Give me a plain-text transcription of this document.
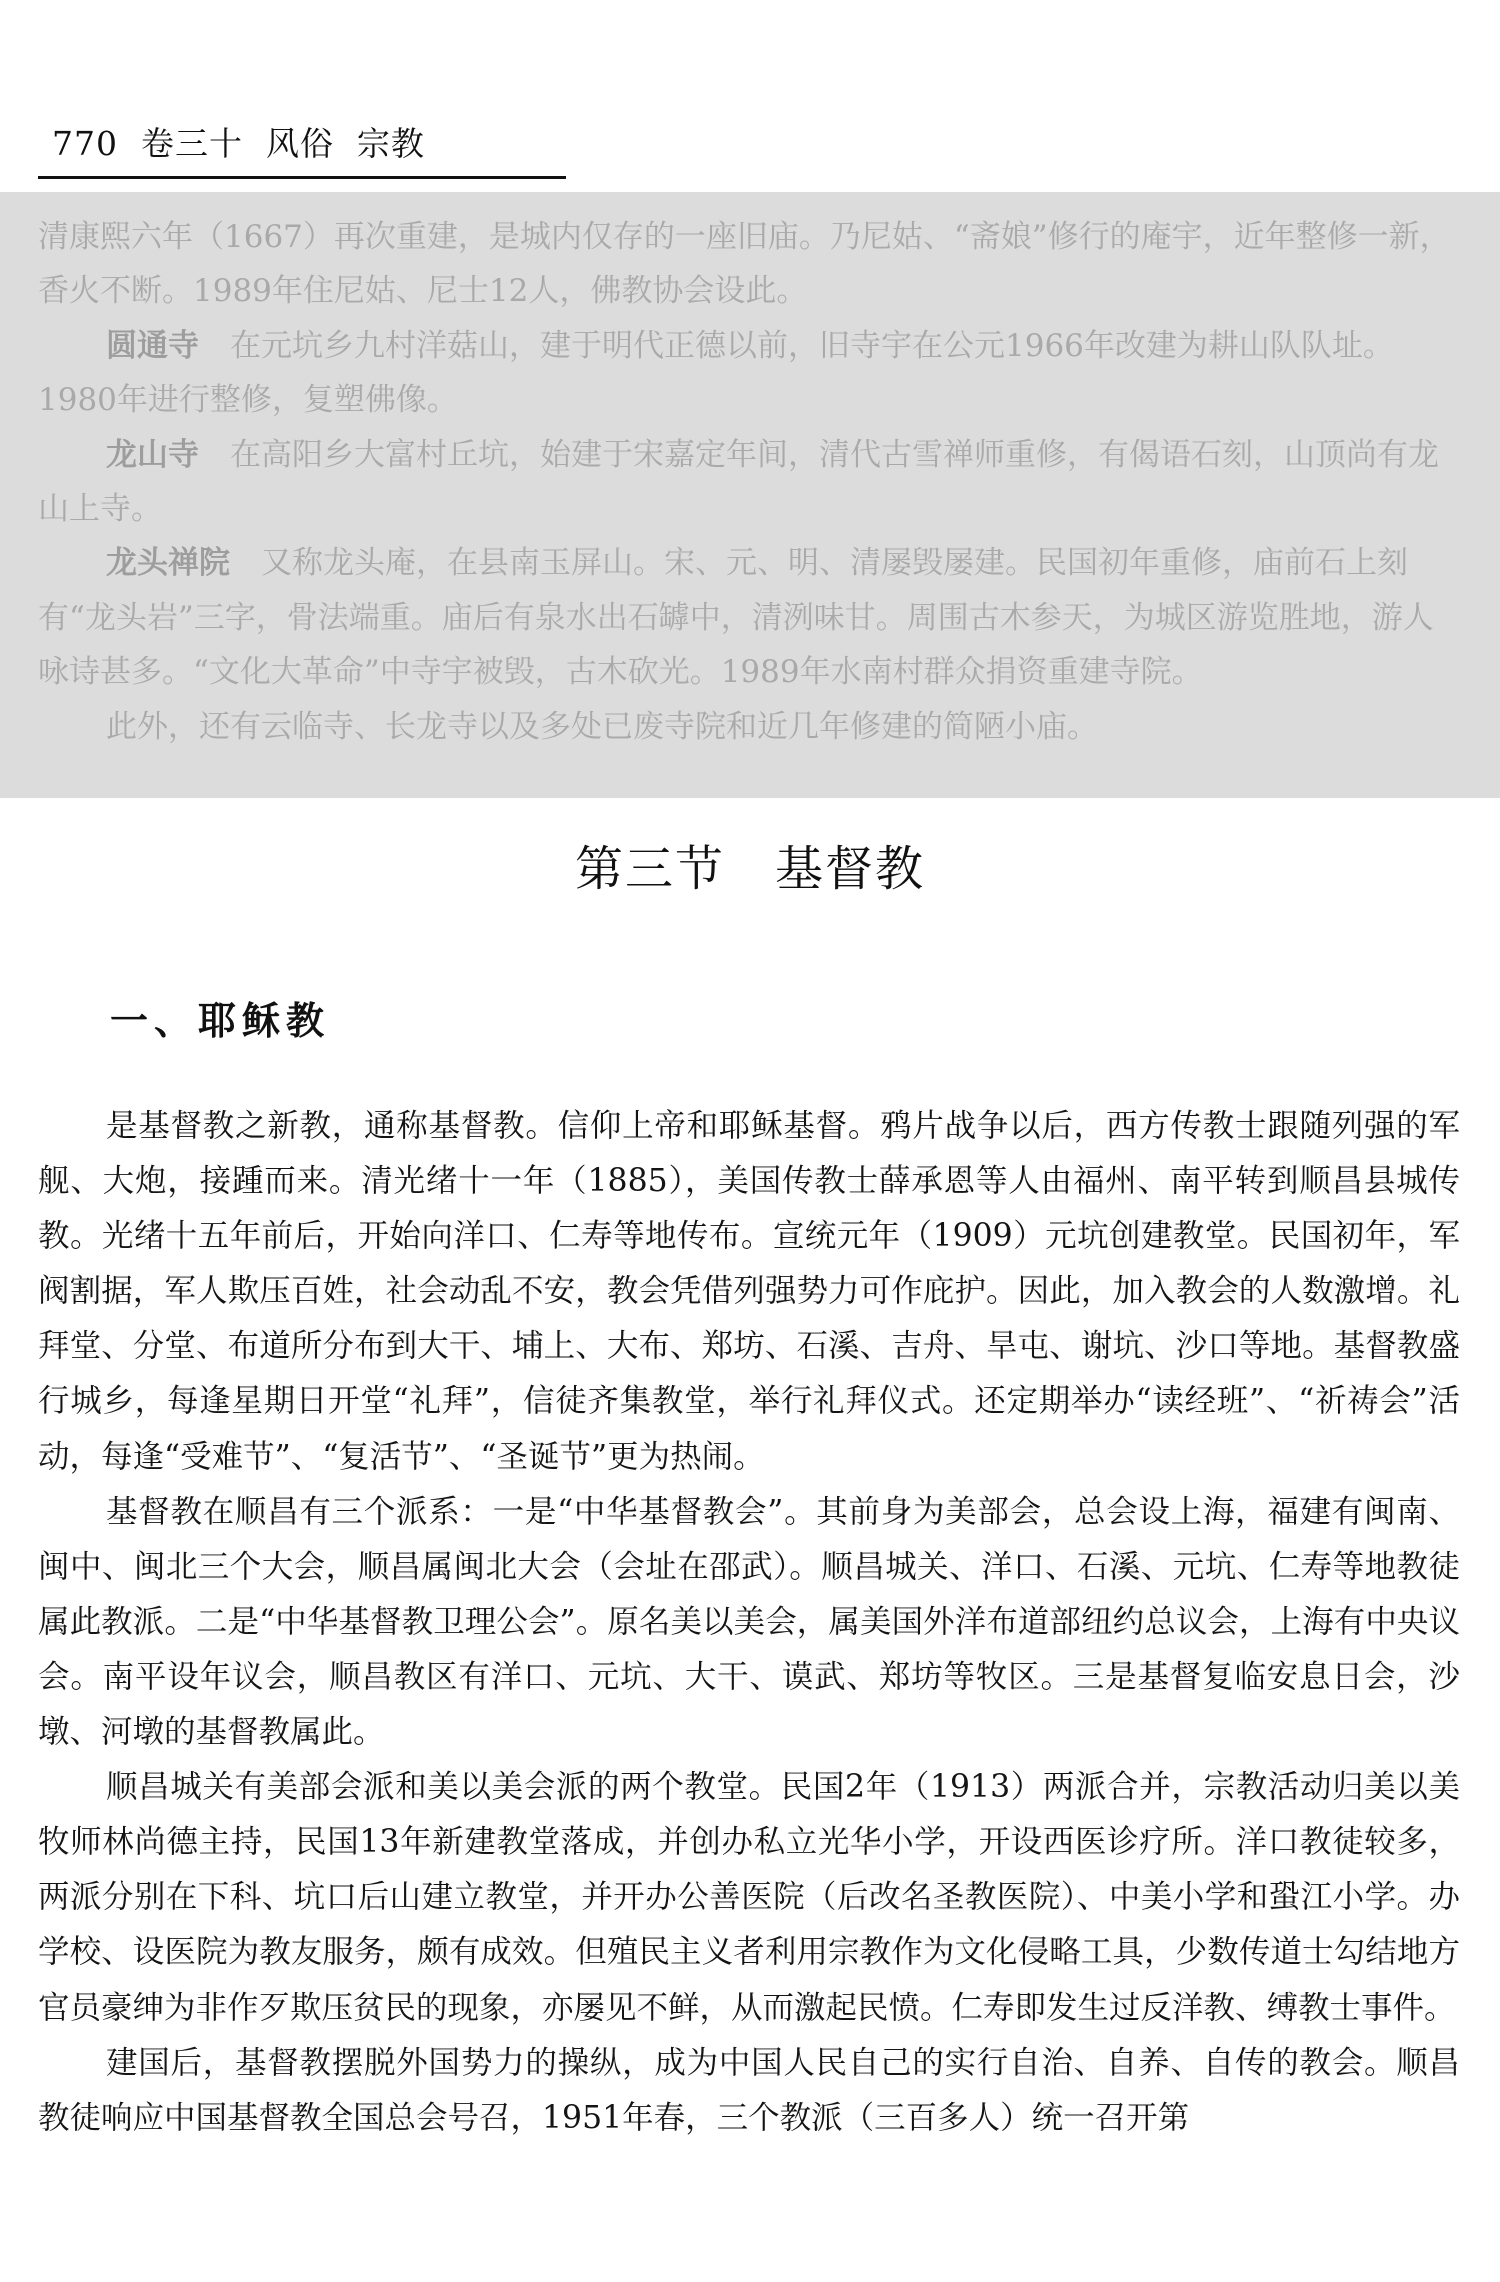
770  卷三十  风俗  宗教

清康熙六年（1667）再次重建，是城内仅存的一座旧庙。乃尼姑、“斋娘”修行的庵宇，近年整修一新，香火不断。1989年住尼姑、尼士12人，佛教协会设此。

圆通寺　在元坑乡九村洋菇山，建于明代正德以前，旧寺宇在公元1966年改建为耕山队队址。1980年进行整修，复塑佛像。

龙山寺　在高阳乡大富村丘坑，始建于宋嘉定年间，清代古雪禅师重修，有偈语石刻，山顶尚有龙山上寺。

龙头禅院　又称龙头庵，在县南玉屏山。宋、元、明、清屡毁屡建。民国初年重修，庙前石上刻有“龙头岩”三字，骨法端重。庙后有泉水出石罅中，清洌味甘。周围古木参天，为城区游览胜地，游人咏诗甚多。“文化大革命”中寺宇被毁，古木砍光。1989年水南村群众捐资重建寺院。

此外，还有云临寺、长龙寺以及多处已废寺院和近几年修建的简陋小庙。

第三节　基督教
一、耶稣教

是基督教之新教，通称基督教。信仰上帝和耶稣基督。鸦片战争以后，西方传教士跟随列强的军舰、大炮，接踵而来。清光绪十一年（1885），美国传教士薛承恩等人由福州、南平转到顺昌县城传教。光绪十五年前后，开始向洋口、仁寿等地传布。宣统元年（1909）元坑创建教堂。民国初年，军阀割据，军人欺压百姓，社会动乱不安，教会凭借列强势力可作庇护。因此，加入教会的人数激增。礼拜堂、分堂、布道所分布到大干、埔上、大布、郑坊、石溪、吉舟、旱屯、谢坑、沙口等地。基督教盛行城乡，每逢星期日开堂“礼拜”，信徒齐集教堂，举行礼拜仪式。还定期举办“读经班”、“祈祷会”活动，每逢“受难节”、“复活节”、“圣诞节”更为热闹。

基督教在顺昌有三个派系：一是“中华基督教会”。其前身为美部会，总会设上海，福建有闽南、闽中、闽北三个大会，顺昌属闽北大会（会址在邵武）。顺昌城关、洋口、石溪、元坑、仁寿等地教徒属此教派。二是“中华基督教卫理公会”。原名美以美会，属美国外洋布道部纽约总议会，上海有中央议会。南平设年议会，顺昌教区有洋口、元坑、大干、谟武、郑坊等牧区。三是基督复临安息日会，沙墩、河墩的基督教属此。

顺昌城关有美部会派和美以美会派的两个教堂。民国2年（1913）两派合并，宗教活动归美以美牧师林尚德主持，民国13年新建教堂落成，并创办私立光华小学，开设西医诊疗所。洋口教徒较多，两派分别在下科、坑口后山建立教堂，并开办公善医院（后改名圣教医院）、中美小学和蛩江小学。办学校、设医院为教友服务，颇有成效。但殖民主义者利用宗教作为文化侵略工具，少数传道士勾结地方官员豪绅为非作歹欺压贫民的现象，亦屡见不鲜，从而激起民愤。仁寿即发生过反洋教、缚教士事件。

建国后，基督教摆脱外国势力的操纵，成为中国人民自己的实行自治、自养、自传的教会。顺昌教徒响应中国基督教全国总会号召，1951年春，三个教派（三百多人）统一召开第
